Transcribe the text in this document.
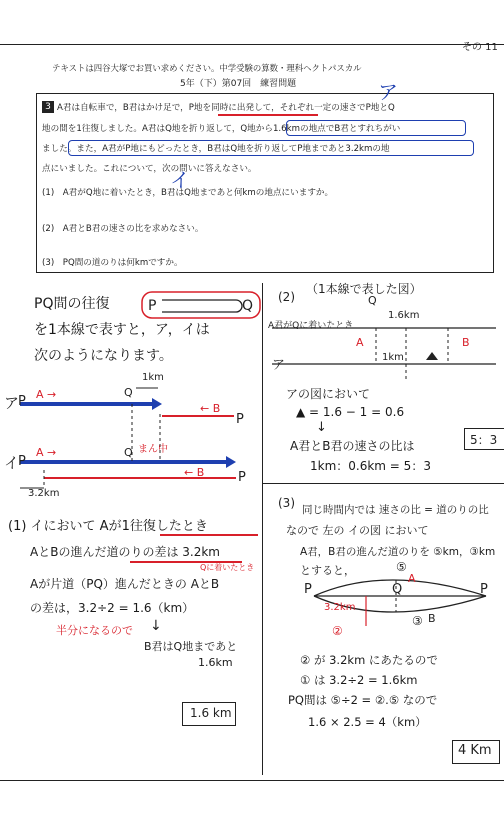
その 11
テキストは四谷大塚でお買い求めください。中学受験の算数・理科ヘクトパスカル
5年（下）第07回　練習問題
3 A君は自転車で，B君はかけ足で，P地を同時に出発して，それぞれ一定の速さでP地とQ
地の間を1往復しました。A君はQ地を折り返して，Q地から1.6kmの地点でB君とすれちがい
ました。また，A君がP地にもどったとき，B君はQ地を折り返してP地まであと3.2kmの地
点にいました。これについて，次の問いに答えなさい。
ア
イ
(1)　A君がQ地に着いたとき，B君はQ地まであと何kmの地点にいますか。
(2)　A君とB君の速さの比を求めなさい。
(3)　PQ間の道のりは何kmですか。
PQ間の往復	P	Q
を1本線で表すと，ア，イは
次のようになります。
ア
P A →	Q
1km
← B
P
まん中
イ
P
A →	Q
← B	P
3.2km
(1) イにおいて Aが1往復したとき
AとBの進んだ道のりの差は 3.2km
Aが片道（PQ）進んだときの AとB
Qに着いたとき
の差は，3.2÷2 = 1.6（km）
半分になるので ↓
B君はQ地まであと
1.6km
1.6 km
(2)
（1本線で表した図）
Q
A君がQに着いたとき
1.6km
A	B
ア
1km
アの図において
▲ = 1.6 − 1 = 0.6
↓
A君とB君の速さの比は
1km：0.6km = 5：3
5：3
(3) 同じ時間内では 速さの比 = 道のりの比
なので 左の イの図 において
A君，B君の進んだ道のりを ⑤km，③km
とすると，	⑤
A
P	Q	P
3.2km
③ B
②
② が 3.2km にあたるので
① は 3.2÷2 = 1.6km
PQ間は ⑤÷2 = ②.⑤ なので
1.6 × 2.5 = 4（km）
4 Km
